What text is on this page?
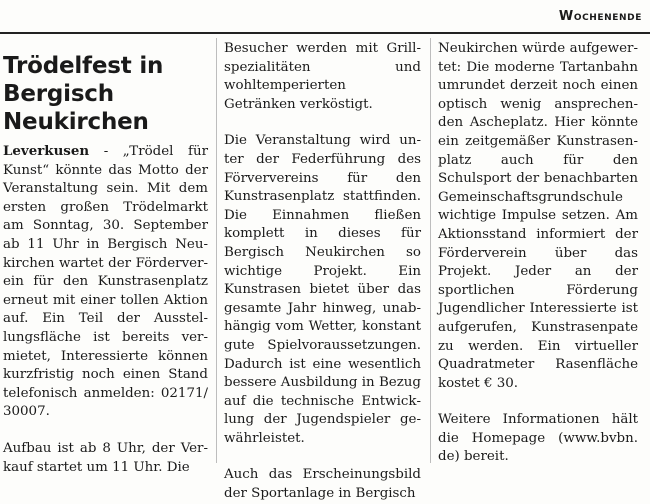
Wochenende
Trödelfest in Bergisch Neukirchen

Leverkusen - „Trödel für Kunst“ könnte das Motto der Veranstaltung sein. Mit dem ersten großen Trödelmarkt am Sonntag, 30. September ab 11 Uhr in Bergisch Neukirchen wartet der Förderverein für den Kunstrasenplatz erneut mit einer tollen Aktion auf. Ein Teil der Ausstellungsfläche ist bereits vermietet, Interessierte können kurzfristig noch einen Stand telefonisch anmelden: 02171/ 30007.

Aufbau ist ab 8 Uhr, der Verkauf startet um 11 Uhr. Die

Besucher werden mit Grillspezialitäten und wohltemperierten Getränken verköstigt.

Die Veranstaltung wird unter der Federführung des Förververeins für den Kunstrasenplatz stattfinden. Die Einnahmen fließen komplett in dieses für Bergisch Neukirchen so wichtige Projekt. Ein Kunstrasen bietet über das gesamte Jahr hinweg, unabhängig vom Wetter, konstant gute Spielvoraussetzungen. Dadurch ist eine wesentlich bessere Ausbildung in Bezug auf die technische Entwicklung der Jugendspieler gewährleistet.

Auch das Erscheinungsbild der Sportanlage in Bergisch

Neukirchen würde aufgewertet: Die moderne Tartanbahn umrundet derzeit noch einen optisch wenig ansprechenden Ascheplatz. Hier könnte ein zeitgemäßer Kunstrasenplatz auch für den Schulsport der benachbarten Gemeinschaftsgrundschule wichtige Impulse setzen. Am Aktionsstand informiert der Förderverein über das Projekt. Jeder an der sportlichen Förderung Jugendlicher Interessierte ist aufgerufen, Kunstrasenpate zu werden. Ein virtueller Quadratmeter Rasenfläche kostet € 30.

Weitere Informationen hält die Homepage (www.bvbn. de) bereit.
